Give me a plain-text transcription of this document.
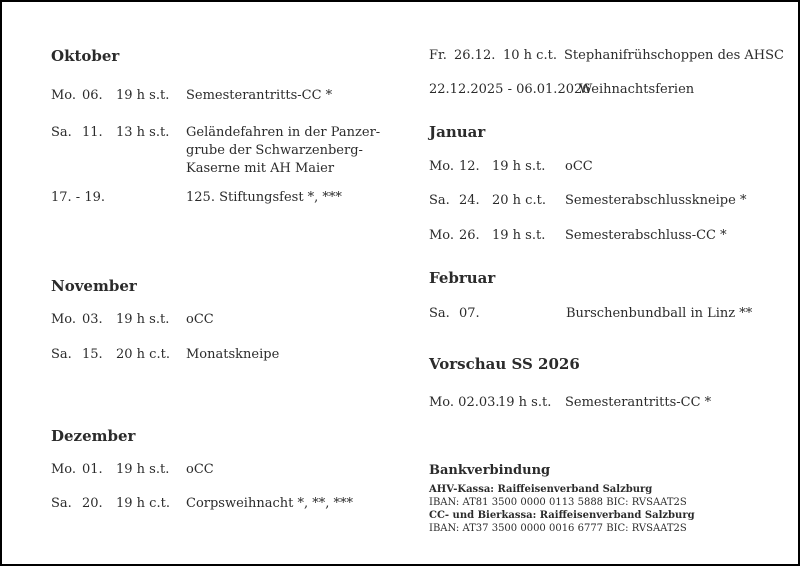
Oktober
Mo. 06. 19 h s.t. Semesterantritts-CC *
Sa. 11. 13 h s.t. Geländefahren in der Panzer-
grube der Schwarzenberg-
Kaserne mit AH Maier
17. - 19.	125. Stiftungsfest *, ***
November
Mo. 03. 19 h s.t. oCC
Sa. 15. 20 h c.t. Monatskneipe
Dezember
Mo. 01. 19 h s.t. oCC
Sa. 20. 19 h c.t. Corpsweihnacht *, **, ***
Fr. 26.12. 10 h c.t. Stephanifrühschoppen des AHSC
22.12.2025 - 06.01.2026
Weihnachtsferien
Januar
Mo. 12. 19 h s.t. oCC
Sa. 24. 20 h c.t. Semesterabschlusskneipe *
Mo. 26. 19 h s.t. Semesterabschluss-CC *
Februar
Sa. 07.	Burschenbundball in Linz **
Vorschau SS 2026
Mo. 02.03.
19 h s.t. Semesterantritts-CC *
Bankverbindung
AHV-Kassa: Raiffeisenverband Salzburg
IBAN: AT81 3500 0000 0113 5888 BIC: RVSAAT2S
CC- und Bierkassa: Raiffeisenverband Salzburg
IBAN: AT37 3500 0000 0016 6777 BIC: RVSAAT2S
